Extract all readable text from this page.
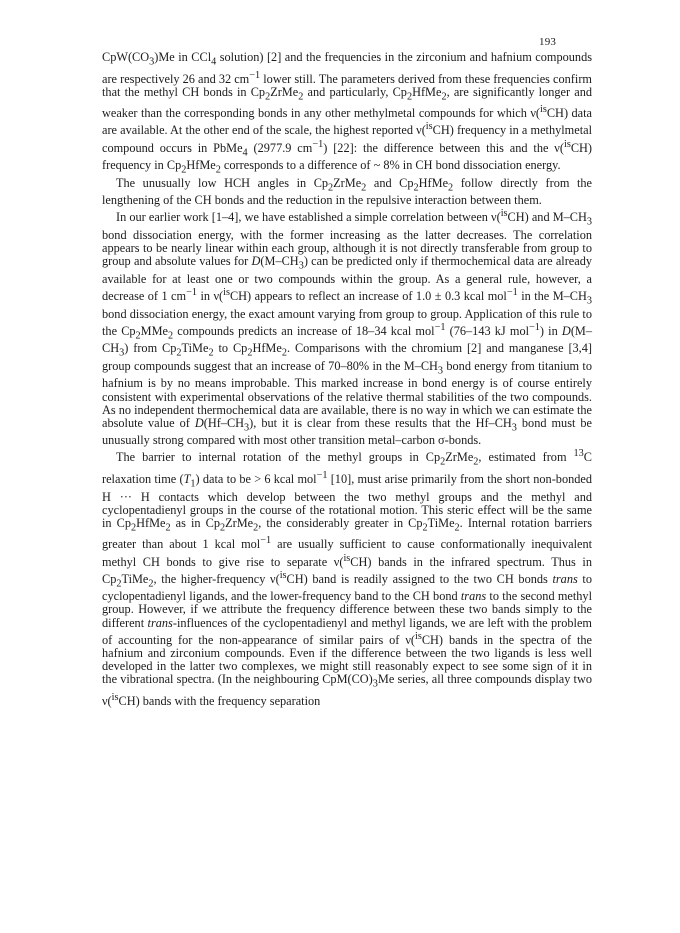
193

$CpW(CO_3)Me$ in CCl$_4$ solution) [2] and the frequencies in the zirconium and hafnium compounds are respectively 26 and 32 $cm^{-1}$ lower still. The parameters derived from these frequencies confirm that the methyl CH bonds in $Cp_2ZrMe_2$ and particularly, $Cp_2HfMe_2$, are significantly longer and weaker than the corresponding bonds in any other methylmetal compounds for which ν($^{is}$CH) data are available. At the other end of the scale, the highest reported ν($^{is}$CH) frequency in a methylmetal compound occurs in PbMe$_4$ (2977.9 $cm^{-1}$) [22]: the difference between this and the ν($^{is}$CH) frequency in $Cp_2HfMe_2$ corresponds to a difference of ~ 8% in CH bond dissociation energy.

The unusually low HCH angles in $Cp_2ZrMe_2$ and $Cp_2HfMe_2$ follow directly from the lengthening of the CH bonds and the reduction in the repulsive interaction between them.

In our earlier work [1–4], we have established a simple correlation between ν($^{is}$CH) and $M-CH_3$ bond dissociation energy, with the former increasing as the latter decreases. The correlation appears to be nearly linear within each group, although it is not directly transferable from group to group and absolute values for $D(M-CH_3)$ can be predicted only if thermochemical data are already available for at least one or two compounds within the group. As a general rule, however, a decrease of 1 $cm^{-1}$ in ν($^{is}$CH) appears to reflect an increase of 1.0 ± 0.3 kcal mol$^{-1}$ in the $M-CH_3$ bond dissociation energy, the exact amount varying from group to group. Application of this rule to the $Cp_2MMe_2$ compounds predicts an increase of 18–34 kcal mol$^{-1}$ (76–143 kJ mol$^{-1}$) in $D(M-CH_3)$ from $Cp_2TiMe_2$ to $Cp_2HfMe_2$. Comparisons with the chromium [2] and manganese [3,4] group compounds suggest that an increase of 70–80% in the $M-CH_3$ bond energy from titanium to hafnium is by no means improbable. This marked increase in bond energy is of course entirely consistent with experimental observations of the relative thermal stabilities of the two compounds. As no independent thermochemical data are available, there is no way in which we can estimate the absolute value of $D(Hf-CH_3)$, but it is clear from these results that the $Hf-CH_3$ bond must be unusually strong compared with most other transition metal–carbon σ-bonds.

The barrier to internal rotation of the methyl groups in $Cp_2ZrMe_2$, estimated from $^{13}$C relaxation time $(T_1)$ data to be > 6 kcal mol$^{-1}$ [10], must arise primarily from the short non-bonded H ··· H contacts which develop between the two methyl groups and the methyl and cyclopentadienyl groups in the course of the rotational motion. This steric effect will be the same in $Cp_2HfMe_2$ as in $Cp_2ZrMe_2$, the considerably greater in $Cp_2TiMe_2$. Internal rotation barriers greater than about 1 kcal mol$^{-1}$ are usually sufficient to cause conformationally inequivalent methyl CH bonds to give rise to separate ν($^{is}$CH) bands in the infrared spectrum. Thus in $Cp_2TiMe_2$, the higher-frequency ν($^{is}$CH) band is readily assigned to the two CH bonds trans to cyclopentadienyl ligands, and the lower-frequency band to the CH bond trans to the second methyl group. However, if we attribute the frequency difference between these two bands simply to the different trans-influences of the cyclopentadienyl and methyl ligands, we are left with the problem of accounting for the non-appearance of similar pairs of ν($^{is}$CH) bands in the spectra of the hafnium and zirconium compounds. Even if the difference between the two ligands is less well developed in the latter two complexes, we might still reasonably expect to see some sign of it in the vibrational spectra. (In the neighbouring $CpM(CO)_3Me$ series, all three compounds display two ν($^{is}$CH) bands with the frequency separation
